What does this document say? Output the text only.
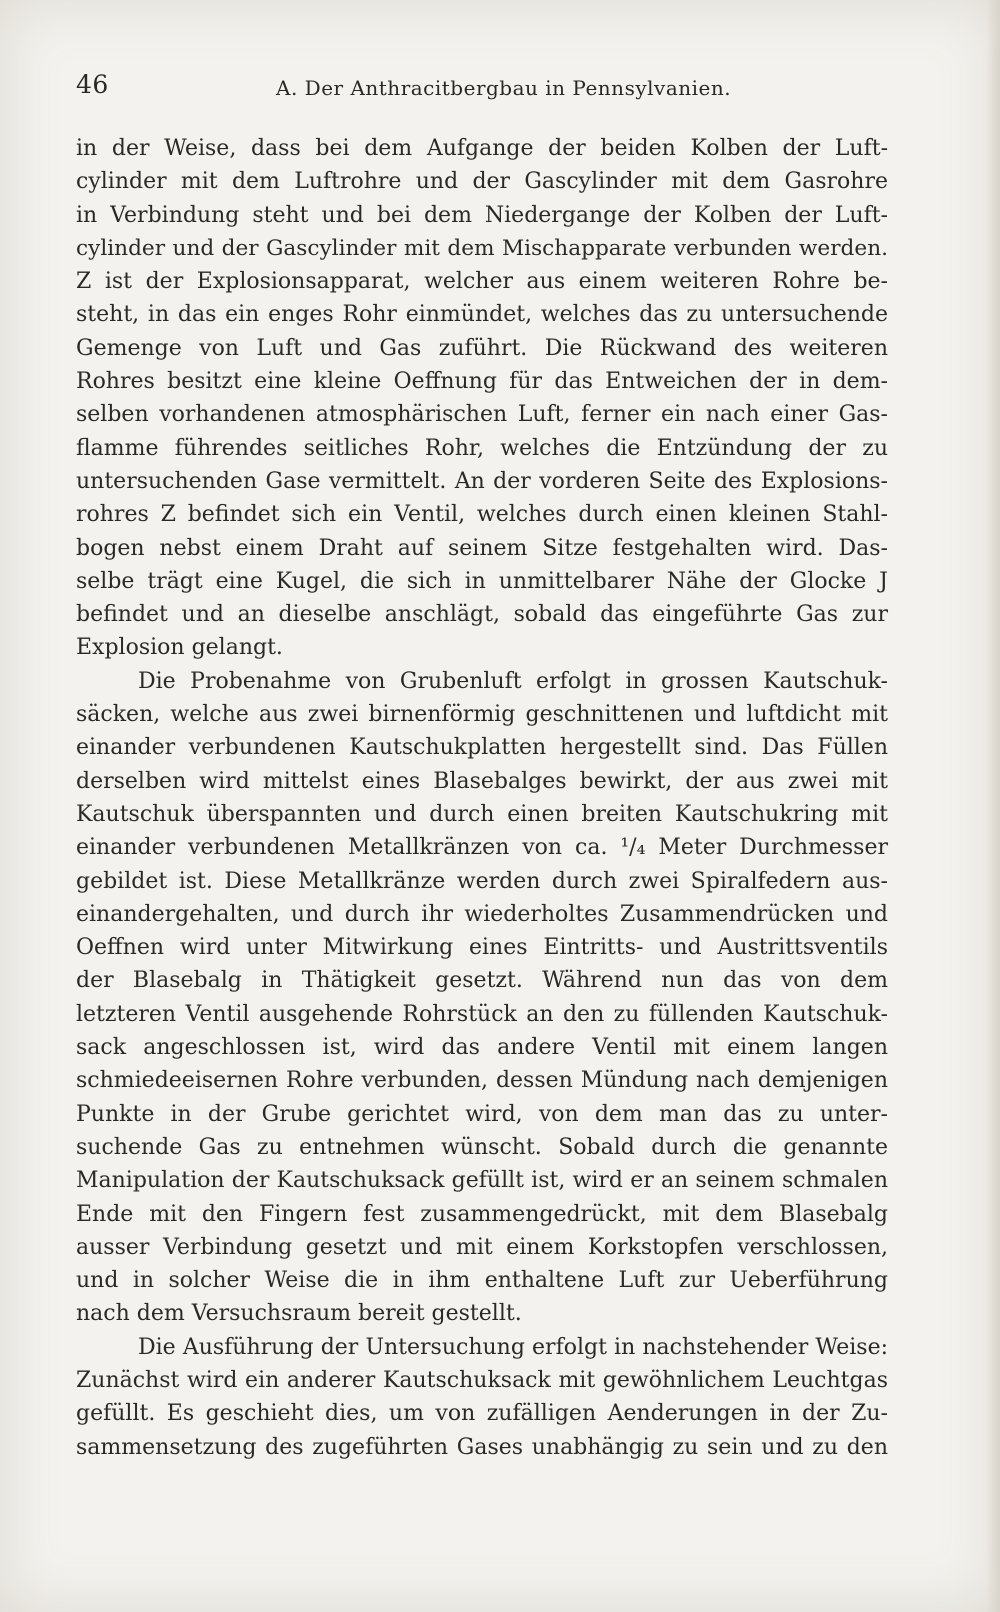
46	A. Der Anthracitbergbau in Pennsylvanien.
in der Weise, dass bei dem Aufgange der beiden Kolben der Luft-
cylinder mit dem Luftrohre und der Gascylinder mit dem Gasrohre
in Verbindung steht und bei dem Niedergange der Kolben der Luft-
cylinder und der Gascylinder mit dem Mischapparate verbunden werden.
Z ist der Explosionsapparat, welcher aus einem weiteren Rohre be-
steht, in das ein enges Rohr einmündet, welches das zu untersuchende
Gemenge von Luft und Gas zuführt. Die Rückwand des weiteren
Rohres besitzt eine kleine Oeffnung für das Entweichen der in dem-
selben vorhandenen atmosphärischen Luft, ferner ein nach einer Gas-
flamme führendes seitliches Rohr, welches die Entzündung der zu
untersuchenden Gase vermittelt. An der vorderen Seite des Explosions-
rohres Z befindet sich ein Ventil, welches durch einen kleinen Stahl-
bogen nebst einem Draht auf seinem Sitze festgehalten wird. Das-
selbe trägt eine Kugel, die sich in unmittelbarer Nähe der Glocke J
befindet und an dieselbe anschlägt, sobald das eingeführte Gas zur
Explosion gelangt.
Die Probenahme von Grubenluft erfolgt in grossen Kautschuk-
säcken, welche aus zwei birnenförmig geschnittenen und luftdicht mit
einander verbundenen Kautschukplatten hergestellt sind. Das Füllen
derselben wird mittelst eines Blasebalges bewirkt, der aus zwei mit
Kautschuk überspannten und durch einen breiten Kautschukring mit
einander verbundenen Metallkränzen von ca. ¹/₄ Meter Durchmesser
gebildet ist. Diese Metallkränze werden durch zwei Spiralfedern aus-
einandergehalten, und durch ihr wiederholtes Zusammendrücken und
Oeffnen wird unter Mitwirkung eines Eintritts- und Austrittsventils
der Blasebalg in Thätigkeit gesetzt. Während nun das von dem
letzteren Ventil ausgehende Rohrstück an den zu füllenden Kautschuk-
sack angeschlossen ist, wird das andere Ventil mit einem langen
schmiedeeisernen Rohre verbunden, dessen Mündung nach demjenigen
Punkte in der Grube gerichtet wird, von dem man das zu unter-
suchende Gas zu entnehmen wünscht. Sobald durch die genannte
Manipulation der Kautschuksack gefüllt ist, wird er an seinem schmalen
Ende mit den Fingern fest zusammengedrückt, mit dem Blasebalg
ausser Verbindung gesetzt und mit einem Korkstopfen verschlossen,
und in solcher Weise die in ihm enthaltene Luft zur Ueberführung
nach dem Versuchsraum bereit gestellt.
Die Ausführung der Untersuchung erfolgt in nachstehender Weise:
Zunächst wird ein anderer Kautschuksack mit gewöhnlichem Leuchtgas
gefüllt. Es geschieht dies, um von zufälligen Aenderungen in der Zu-
sammensetzung des zugeführten Gases unabhängig zu sein und zu den
